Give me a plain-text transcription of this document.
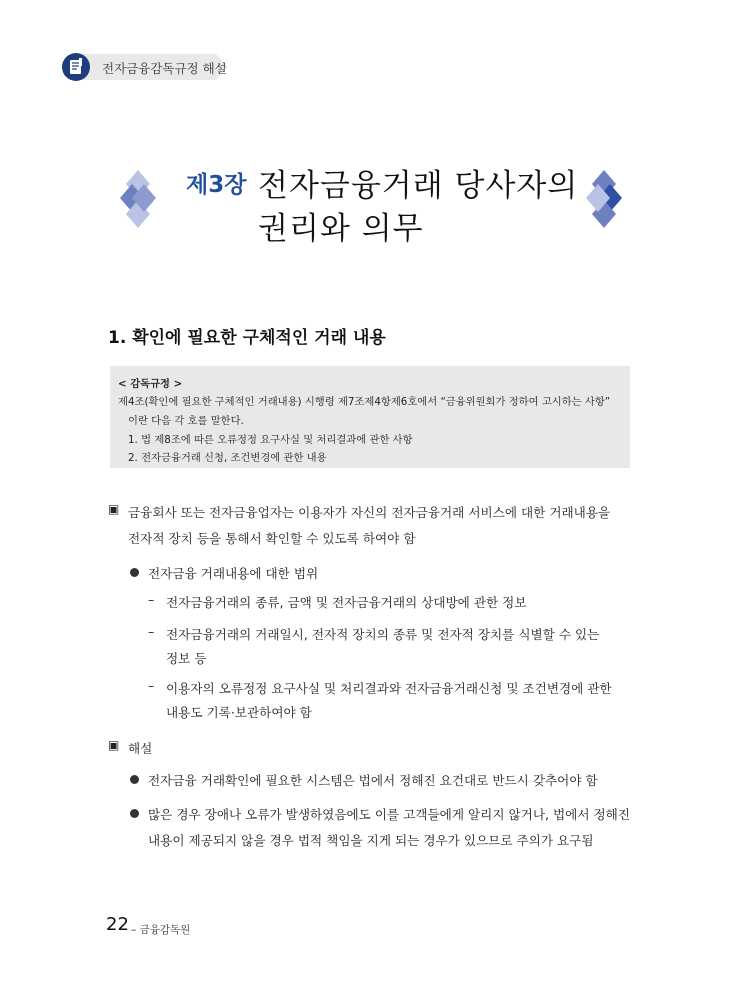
전자금융감독규정 해설
제3장 전자금융거래 당사자의
권리와 의무
1. 확인에 필요한 구체적인 거래 내용
< 감독규정 >
제4조(확인에 필요한 구체적인 거래내용) 시행령 제7조제4항제6호에서 “금융위원회가 정하여 고시하는 사항”
이란 다음 각 호를 말한다.
1. 법 제8조에 따른 오류정정 요구사실 및 처리결과에 관한 사항
2. 전자금융거래 신청, 조건변경에 관한 내용
▣ 금융회사 또는 전자금융업자는 이용자가 자신의 전자금융거래 서비스에 대한 거래내용을
전자적 장치 등을 통해서 확인할 수 있도록 하여야 함
전자금융 거래내용에 대한 범위
– 전자금융거래의 종류, 금액 및 전자금융거래의 상대방에 관한 정보
– 전자금융거래의 거래일시, 전자적 장치의 종류 및 전자적 장치를 식별할 수 있는
정보 등
– 이용자의 오류정정 요구사실 및 처리결과와 전자금융거래신청 및 조건변경에 관한
내용도 기록·보관하여야 함
▣ 해설
전자금융 거래확인에 필요한 시스템은 법에서 정해진 요건대로 반드시 갖추어야 함
많은 경우 장애나 오류가 발생하였음에도 이를 고객들에게 알리지 않거나, 법에서 정해진
내용이 제공되지 않을 경우 법적 책임을 지게 되는 경우가 있으므로 주의가 요구됨
22 – 금융감독원
